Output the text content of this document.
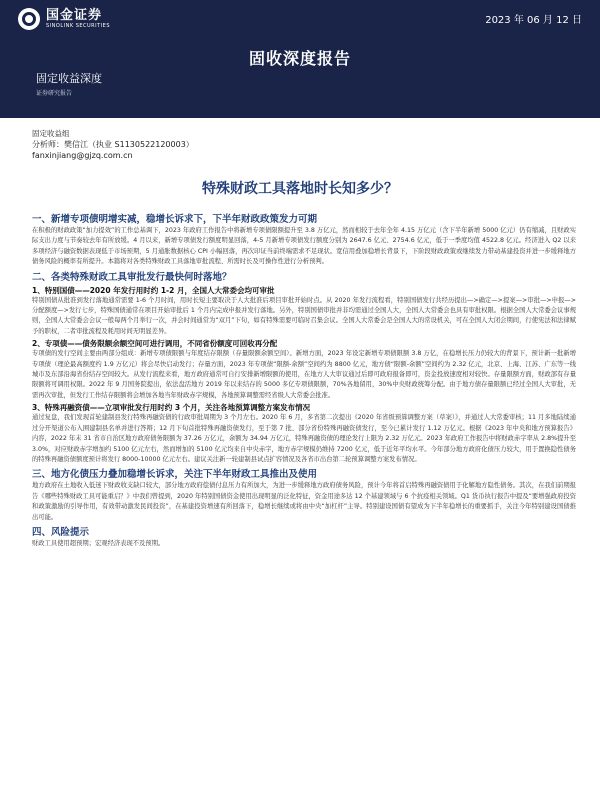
国金证券
SINOLINK SECURITIES	2023 年 06 月 12 日
固收深度报告
固定收益深度
证券研究报告
固定收益组
分析师：樊信江（执业 S1130522120003）
fanxinjiang@gjzq.com.cn
特殊财政工具落地时长知多少？
一、新增专项债明增实减，稳增长诉求下，下半年财政政策发力可期

在积极的财政政策“加力提效”的工作总基调下，2023 年政府工作报告中将新增专项债限额提升至 3.8 万亿元，然而相较于去年全年 4.15 万亿元（含下半年新增 5000 亿元）仍有缩减，且财政实际支出力度与节奏较去年有所放缓。4 月以来，新增专项债发行额度明显回落，4-5 月新增专项债发行额度分别为 2647.6 亿元、2754.6 亿元，低于一季度均值 4522.8 亿元。经济进入 Q2 以来多项经济与融资数据表现低于市场预期，5 月通胀数据核心 CPI 小幅回落，再次印证当前终端需求不足现状。宽信用叠加稳增长背景下，下阶段财政政策或继续发力带动基建投资并进一步缓释地方债务风险的概率有所提升。本篇将对各类特殊财政工具落地审批流程、所需时长及可操作性进行分析预判。

二、各类特殊财政工具审批发行最快何时落地？
1、特别国债——2020 年发行用时约 1-2 月，全国人大常委会均可审批

特别国债从批准到发行落地通常需要 1-6 个月时间，用时长短主要取决于人大批准后项目审批开始时点。从 2020 年发行流程看，特别国债发行共经历提出—>确定—>提案—>审批—>申报—>分配额度—>发行七步，特殊国债通常在项目开始审批后 1 个月内完成申报并发行落地。另外，特别国债审批并非均需通过全国人大，全国人大常委会也具有审批权限。根据全国人大常委会议事规则，全国人大常委会会议一般每两个月举行一次，并会时间通常为“双月”下旬，如有特殊需要可临时召集会议。全国人大常委会是全国人大的常设机关，可在全国人大闭会期间，行使宪法和法律赋予的职权，二者审批流程及耗用时间无明显差异。

2、专项债——债务限额余额空间可进行调用，不同省份额度可回收再分配

专项债的发行空间主要由两部分组成：新增专项债限额与年度结存限额（存量限额余额空间）。新增方面，2023 年设定新增专项债限额 3.8 万亿，在稳增长压力仍较大的背景下，预计新一批新增专项债（理论最高额度约 1.9 万亿元）将会尽快启动发行；存量方面，2023 年专项债“限额-余额”空间约为 8800 亿元，地方债“限额-余额”空间约为 2.32 亿元，北京、上海、江苏、广东等一线城市及东部沿海省份结存空间较大。从发行流程来看，地方政府通常可自行安排新增限额的使用，在地方人大审议通过后即可政府报备即可，资金投放速度相对较快。存量限额方面，财政部有存量限额将可调用权限。2022 年 9 月国务院提出，依法盘活地方 2019 年以来结存的 5000 多亿专项债限额，70%各地留用，30%中央财政统筹分配。由于地方债存量限额已经过全国人大审批，无需再次审批，但发行工作结存限额将会增加各地当年财政赤字规模，各地预算调整需经省级人大常委会批准。

3、特殊再融资债——立项审批发行用时约 3 个月，关注各地预算调整方案发布情况

通过复盘，我们发现首轮建制县发行特殊再融资债的行政审批周期为 3 个月左右。2020 年 6 月，多省第二次提出《2020 年省级预算调整方案（草案）》，并通过人大常委审核；11 月多地陆续通过分开渠道公布入围建制县名单并进行答辩；12 月下旬首批特殊再融资债发行，至于第 7 批、部分省份特殊再融资债发行，至今已累计发行 1.12 万亿元。根据《2023 年中央和地方预算报告》内容，2022 年末 31 省市自治区地方政府债务限额为 37.26 万亿元，余额为 34.94 万亿元，特殊再融资债的理论发行上限为 2.32 万亿元。2023 年政府工作报告中将财政赤字率从 2.8%提升至 3.0%，对应财政赤字增加约 5100 亿元左右，然而增加的 5100 亿元均来自中央赤字，地方赤字规模仍维持 7200 亿元，低于近年平均水平。今年部分地方政府化债压力较大，用于置换隐性债务的特殊再融资债额度预计将发行 8000-10000 亿元左右。建议关注新一轮建制县试点扩容情况及各省市出台第二轮预算调整方案发布情况。

三、地方化债压力叠加稳增长诉求，关注下半年财政工具推出及使用

地方政府在土地收入低迷下财政收支缺口较大，部分地方政府偿债付息压力有所加大，为进一步缓释地方政府债务风险，预计今年将首启特殊再融资债用于化解地方隐性债务。其次，在我们前期报告《哪些特殊财政工具可能重启？》中我们曾提到，2020 年特别国债资金使用出现明显的泛化特征，资金用途多达 12 个基建领域与 6 个抗疫相关领域。Q1 货币执行报告中提及“要增强政府投资和政策激励的引导作用，有效带动激发民间投资”，在基建投资增速有所回落下，稳增长继续或将由中央“加杠杆”主导。特别建设国债有望成为下半年稳增长的重要抓手，关注今年特别建设国债推出可能。

四、风险提示

财政工具使用超预期；宏观经济表现不及预期。
